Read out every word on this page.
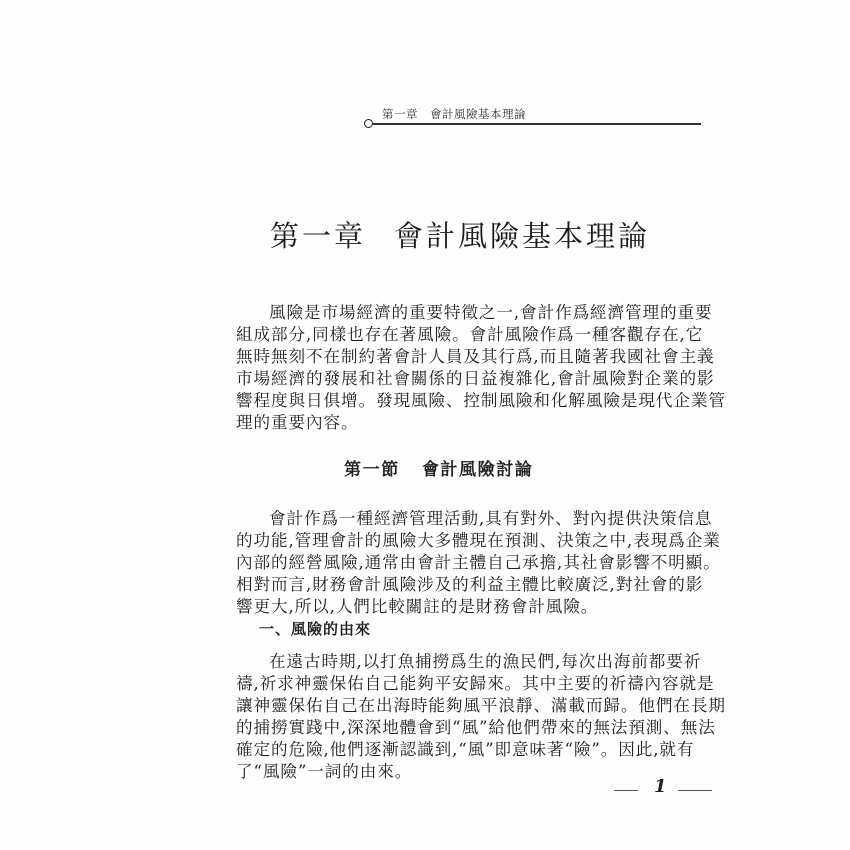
第一章 會計風險基本理論
第一章 會計風險基本理論
風險是市場經濟的重要特徵之一,會計作爲經濟管理的重要
組成部分,同樣也存在著風險。會計風險作爲一種客觀存在,它
無時無刻不在制約著會計人員及其行爲,而且隨著我國社會主義
市場經濟的發展和社會關係的日益複雜化,會計風險對企業的影
響程度與日俱增。發現風險、控制風險和化解風險是現代企業管
理的重要內容。
第一節 會計風險討論
會計作爲一種經濟管理活動,具有對外、對內提供決策信息
的功能,管理會計的風險大多體現在預測、決策之中,表現爲企業
內部的經營風險,通常由會計主體自己承擔,其社會影響不明顯。
相對而言,財務會計風險涉及的利益主體比較廣泛,對社會的影
響更大,所以,人們比較關註的是財務會計風險。
一、風險的由來
在遠古時期,以打魚捕撈爲生的漁民們,每次出海前都要祈
禱,祈求神靈保佑自己能夠平安歸來。其中主要的祈禱內容就是
讓神靈保佑自己在出海時能夠風平浪靜、滿載而歸。他們在長期
的捕撈實踐中,深深地體會到“風”給他們帶來的無法預測、無法
確定的危險,他們逐漸認識到,“風”即意味著“險”。因此,就有
了“風險”一詞的由來。
1
